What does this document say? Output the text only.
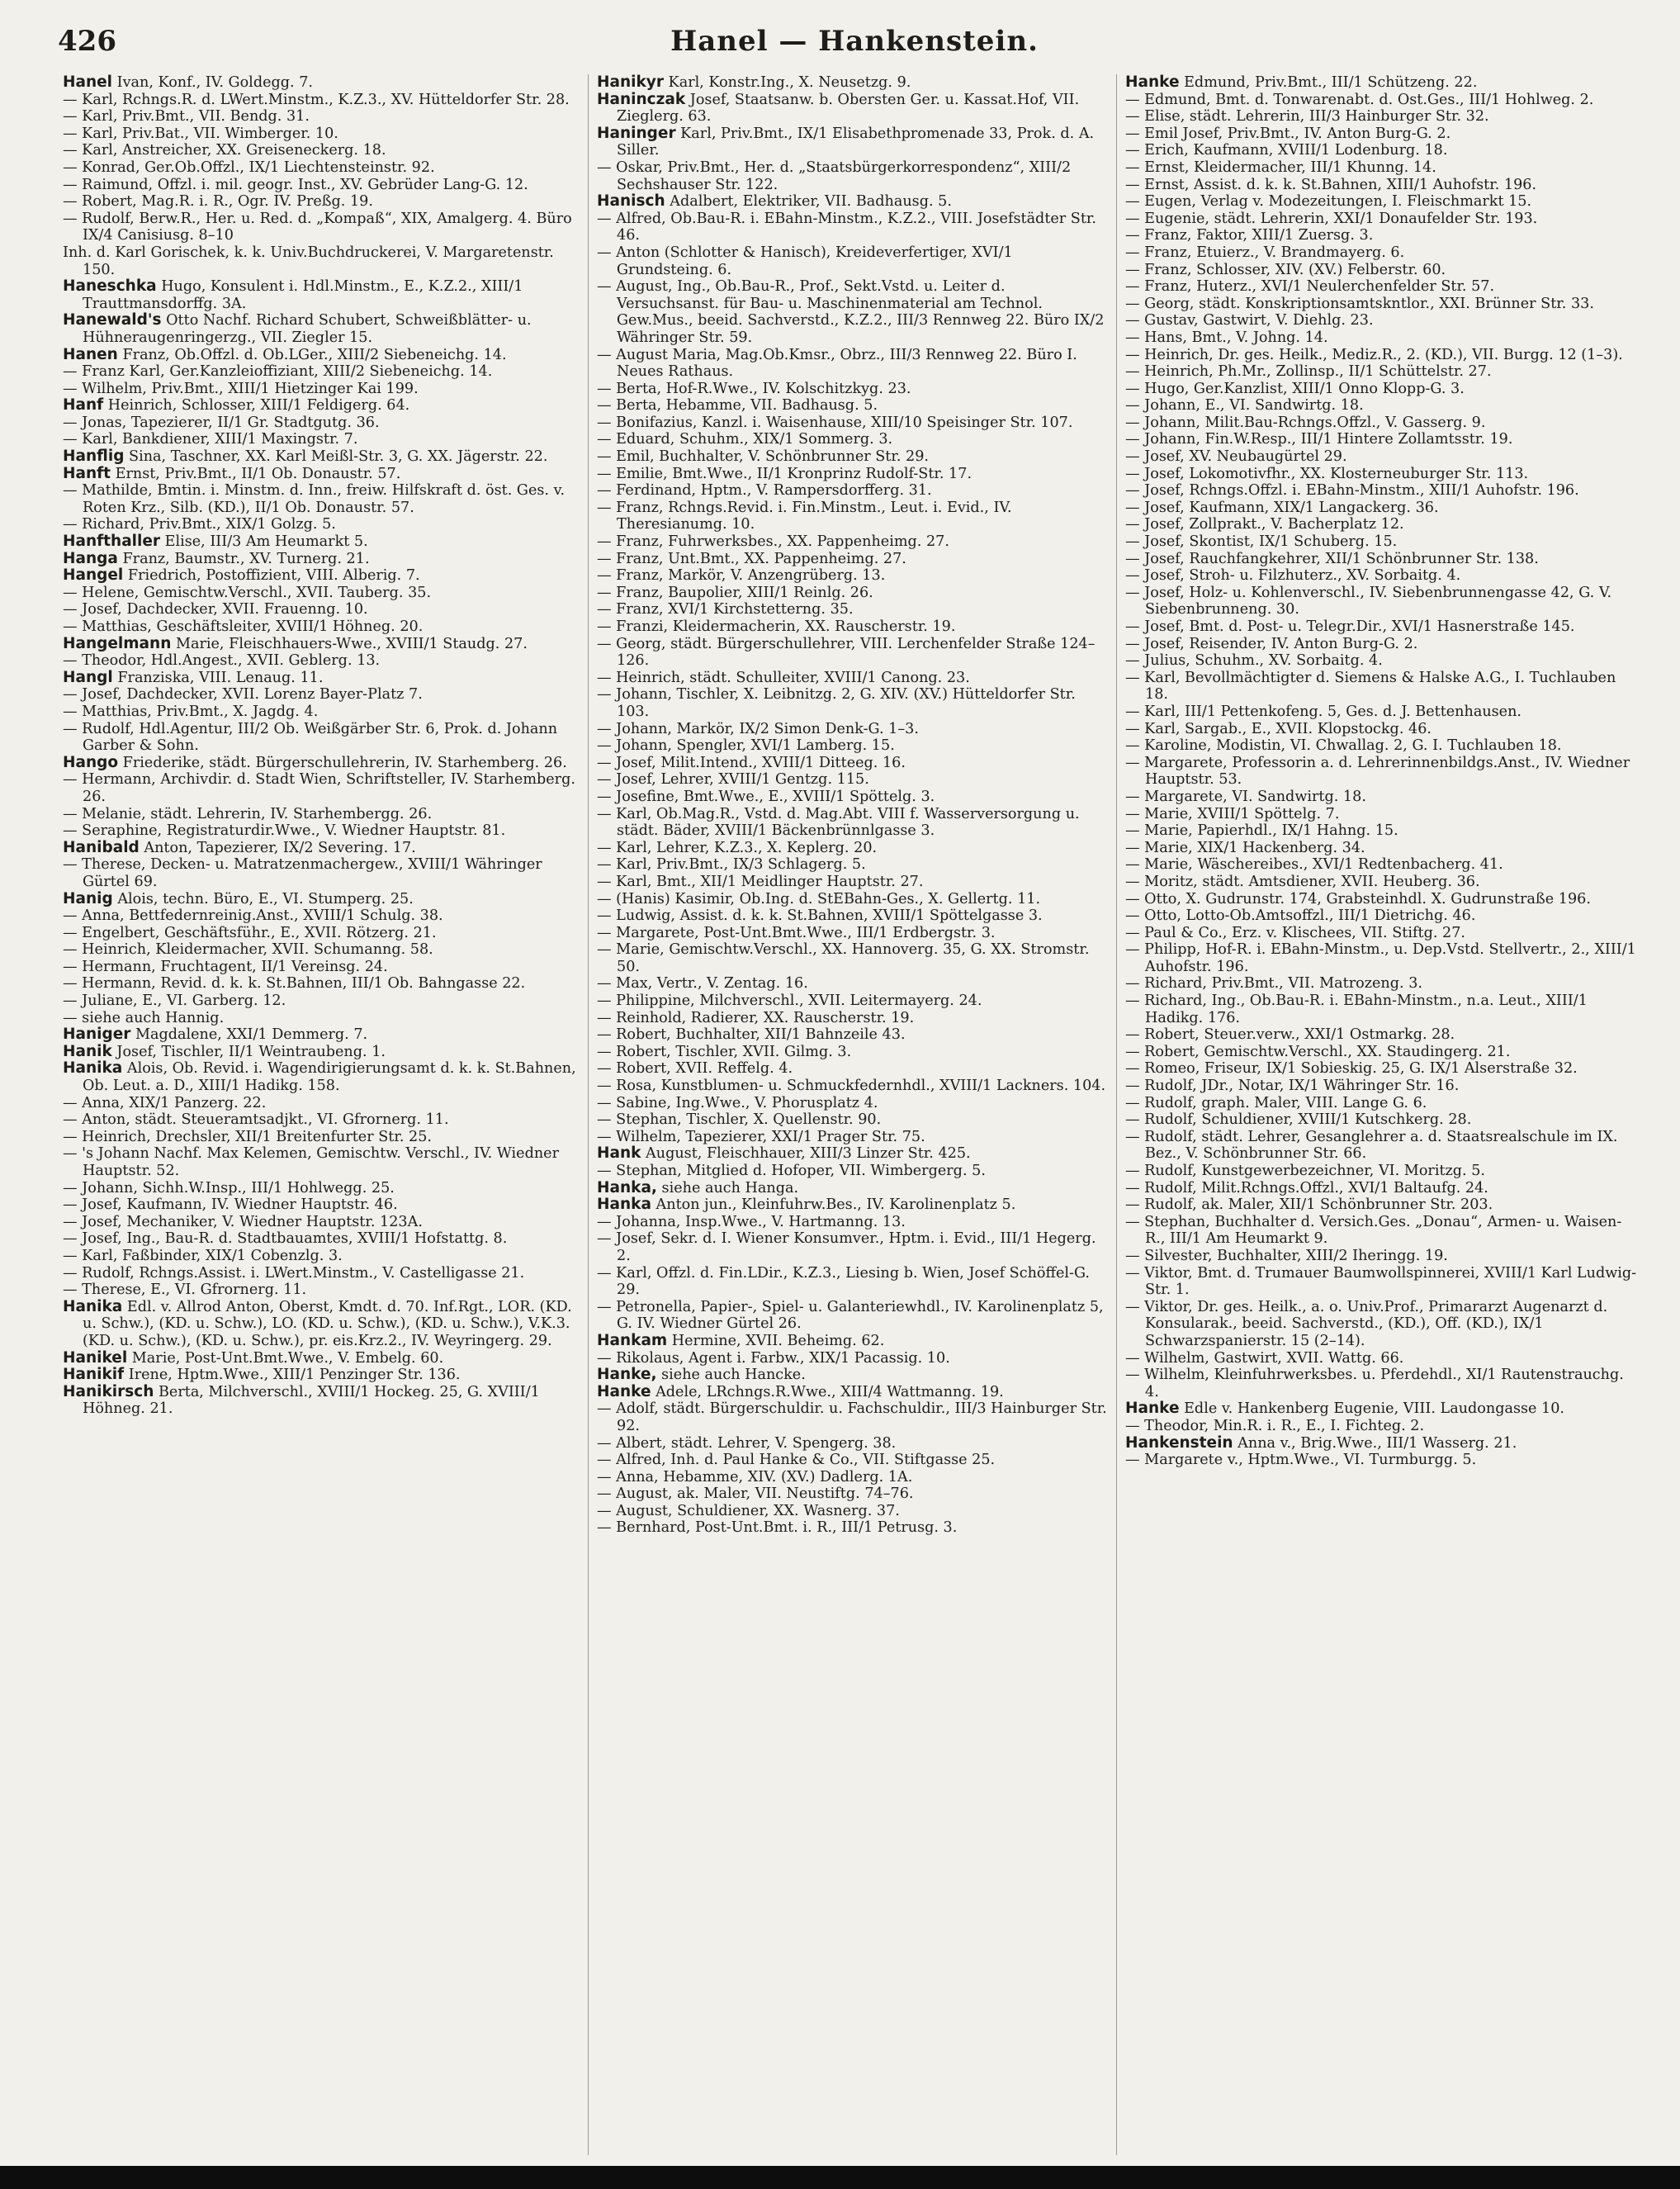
426	Hanel — Hankenstein.

Hanel Ivan, Konf., IV. Goldegg. 7.

— Karl, Rchngs.R. d. LWert.Minstm., K.Z.3., XV. Hütteldorfer Str. 28.

— Karl, Priv.Bmt., VII. Bendg. 31.

— Karl, Priv.Bat., VII. Wimberger. 10.

— Karl, Anstreicher, XX. Greiseneckerg. 18.

— Konrad, Ger.Ob.Offzl., IX/1 Liechtensteinstr. 92.

— Raimund, Offzl. i. mil. geogr. Inst., XV. Gebrüder Lang-G. 12.

— Robert, Mag.R. i. R., Ogr. IV. Preßg. 19.

— Rudolf, Berw.R., Her. u. Red. d. „Kompaß“, XIX, Amalgerg. 4. Büro IX/4 Canisiusg. 8–10

Inh. d. Karl Gorischek, k. k. Univ.Buchdruckerei, V. Margaretenstr. 150.

Haneschka Hugo, Konsulent i. Hdl.Minstm., E., K.Z.2., XIII/1 Trauttmansdorffg. 3A.

Hanewald's Otto Nachf. Richard Schubert, Schweißblätter- u. Hühneraugenringerzg., VII. Ziegler 15.

Hanen Franz, Ob.Offzl. d. Ob.LGer., XIII/2 Siebeneichg. 14.

— Franz Karl, Ger.Kanzleioffiziant, XIII/2 Siebeneichg. 14.

— Wilhelm, Priv.Bmt., XIII/1 Hietzinger Kai 199.

Hanf Heinrich, Schlosser, XIII/1 Feldigerg. 64.

— Jonas, Tapezierer, II/1 Gr. Stadtgutg. 36.

— Karl, Bankdiener, XIII/1 Maxingstr. 7.

Hanflig Sina, Taschner, XX. Karl Meißl-Str. 3, G. XX. Jägerstr. 22.

Hanft Ernst, Priv.Bmt., II/1 Ob. Donaustr. 57.

— Mathilde, Bmtin. i. Minstm. d. Inn., freiw. Hilfskraft d. öst. Ges. v. Roten Krz., Silb. (KD.), II/1 Ob. Donaustr. 57.

— Richard, Priv.Bmt., XIX/1 Golzg. 5.

Hanfthaller Elise, III/3 Am Heumarkt 5.

Hanga Franz, Baumstr., XV. Turnerg. 21.

Hangel Friedrich, Postoffizient, VIII. Alberig. 7.

— Helene, Gemischtw.Verschl., XVII. Tauberg. 35.

— Josef, Dachdecker, XVII. Frauenng. 10.

— Matthias, Geschäftsleiter, XVIII/1 Höhneg. 20.

Hangelmann Marie, Fleischhauers-Wwe., XVIII/1 Staudg. 27.

— Theodor, Hdl.Angest., XVII. Geblerg. 13.

Hangl Franziska, VIII. Lenaug. 11.

— Josef, Dachdecker, XVII. Lorenz Bayer-Platz 7.

— Matthias, Priv.Bmt., X. Jagdg. 4.

— Rudolf, Hdl.Agentur, III/2 Ob. Weißgärber Str. 6, Prok. d. Johann Garber & Sohn.

Hango Friederike, städt. Bürgerschullehrerin, IV. Starhemberg. 26.

— Hermann, Archivdir. d. Stadt Wien, Schriftsteller, IV. Starhemberg. 26.

— Melanie, städt. Lehrerin, IV. Starhembergg. 26.

— Seraphine, Registraturdir.Wwe., V. Wiedner Hauptstr. 81.

Hanibald Anton, Tapezierer, IX/2 Severing. 17.

— Therese, Decken- u. Matratzenmachergew., XVIII/1 Währinger Gürtel 69.

Hanig Alois, techn. Büro, E., VI. Stumperg. 25.

— Anna, Bettfedernreinig.Anst., XVIII/1 Schulg. 38.

— Engelbert, Geschäftsführ., E., XVII. Rötzerg. 21.

— Heinrich, Kleidermacher, XVII. Schumanng. 58.

— Hermann, Fruchtagent, II/1 Vereinsg. 24.

— Hermann, Revid. d. k. k. St.Bahnen, III/1 Ob. Bahngasse 22.

— Juliane, E., VI. Garberg. 12.

— siehe auch Hannig.

Haniger Magdalene, XXI/1 Demmerg. 7.

Hanik Josef, Tischler, II/1 Weintraubeng. 1.

Hanika Alois, Ob. Revid. i. Wagendirigierungsamt d. k. k. St.Bahnen, Ob. Leut. a. D., XIII/1 Hadikg. 158.

— Anna, XIX/1 Panzerg. 22.

— Anton, städt. Steueramtsadjkt., VI. Gfrornerg. 11.

— Heinrich, Drechsler, XII/1 Breitenfurter Str. 25.

— 's Johann Nachf. Max Kelemen, Gemischtw. Verschl., IV. Wiedner Hauptstr. 52.

— Johann, Sichh.W.Insp., III/1 Hohlwegg. 25.

— Josef, Kaufmann, IV. Wiedner Hauptstr. 46.

— Josef, Mechaniker, V. Wiedner Hauptstr. 123A.

— Josef, Ing., Bau-R. d. Stadtbauamtes, XVIII/1 Hofstattg. 8.

— Karl, Faßbinder, XIX/1 Cobenzlg. 3.

— Rudolf, Rchngs.Assist. i. LWert.Minstm., V. Castelligasse 21.

— Therese, E., VI. Gfrornerg. 11.

Hanika Edl. v. Allrod Anton, Oberst, Kmdt. d. 70. Inf.Rgt., LOR. (KD. u. Schw.), (KD. u. Schw.), LO. (KD. u. Schw.), (KD. u. Schw.), V.K.3. (KD. u. Schw.), (KD. u. Schw.), pr. eis.Krz.2., IV. Weyringerg. 29.

Hanikel Marie, Post-Unt.Bmt.Wwe., V. Embelg. 60.

Hanikif Irene, Hptm.Wwe., XIII/1 Penzinger Str. 136.

Hanikirsch Berta, Milchverschl., XVIII/1 Hockeg. 25, G. XVIII/1 Höhneg. 21.

Hanikyr Karl, Konstr.Ing., X. Neusetzg. 9.

Haninczak Josef, Staatsanw. b. Obersten Ger. u. Kassat.Hof, VII. Zieglerg. 63.

Haninger Karl, Priv.Bmt., IX/1 Elisabethpromenade 33, Prok. d. A. Siller.

— Oskar, Priv.Bmt., Her. d. „Staatsbürgerkorrespondenz“, XIII/2 Sechshauser Str. 122.

Hanisch Adalbert, Elektriker, VII. Badhausg. 5.

— Alfred, Ob.Bau-R. i. EBahn-Minstm., K.Z.2., VIII. Josefstädter Str. 46.

— Anton (Schlotter & Hanisch), Kreideverfertiger, XVI/1 Grundsteing. 6.

— August, Ing., Ob.Bau-R., Prof., Sekt.Vstd. u. Leiter d. Versuchsanst. für Bau- u. Maschinenmaterial am Technol. Gew.Mus., beeid. Sachverstd., K.Z.2., III/3 Rennweg 22. Büro IX/2 Währinger Str. 59.

— August Maria, Mag.Ob.Kmsr., Obrz., III/3 Rennweg 22. Büro I. Neues Rathaus.

— Berta, Hof-R.Wwe., IV. Kolschitzkyg. 23.

— Berta, Hebamme, VII. Badhausg. 5.

— Bonifazius, Kanzl. i. Waisenhause, XIII/10 Speisinger Str. 107.

— Eduard, Schuhm., XIX/1 Sommerg. 3.

— Emil, Buchhalter, V. Schönbrunner Str. 29.

— Emilie, Bmt.Wwe., II/1 Kronprinz Rudolf-Str. 17.

— Ferdinand, Hptm., V. Rampersdorfferg. 31.

— Franz, Rchngs.Revid. i. Fin.Minstm., Leut. i. Evid., IV. Theresianumg. 10.

— Franz, Fuhrwerksbes., XX. Pappenheimg. 27.

— Franz, Unt.Bmt., XX. Pappenheimg. 27.

— Franz, Markör, V. Anzengrüberg. 13.

— Franz, Baupolier, XIII/1 Reinlg. 26.

— Franz, XVI/1 Kirchstetterng. 35.

— Franzi, Kleidermacherin, XX. Rauscherstr. 19.

— Georg, städt. Bürgerschullehrer, VIII. Lerchenfelder Straße 124–126.

— Heinrich, städt. Schulleiter, XVIII/1 Canong. 23.

— Johann, Tischler, X. Leibnitzg. 2, G. XIV. (XV.) Hütteldorfer Str. 103.

— Johann, Markör, IX/2 Simon Denk-G. 1–3.

— Johann, Spengler, XVI/1 Lamberg. 15.

— Josef, Milit.Intend., XVIII/1 Ditteeg. 16.

— Josef, Lehrer, XVIII/1 Gentzg. 115.

— Josefine, Bmt.Wwe., E., XVIII/1 Spöttelg. 3.

— Karl, Ob.Mag.R., Vstd. d. Mag.Abt. VIII f. Wasserversorgung u. städt. Bäder, XVIII/1 Bäckenbrünnlgasse 3.

— Karl, Lehrer, K.Z.3., X. Keplerg. 20.

— Karl, Priv.Bmt., IX/3 Schlagerg. 5.

— Karl, Bmt., XII/1 Meidlinger Hauptstr. 27.

— (Hanis) Kasimir, Ob.Ing. d. StEBahn-Ges., X. Gellertg. 11.

— Ludwig, Assist. d. k. k. St.Bahnen, XVIII/1 Spöttelgasse 3.

— Margarete, Post-Unt.Bmt.Wwe., III/1 Erdbergstr. 3.

— Marie, Gemischtw.Verschl., XX. Hannoverg. 35, G. XX. Stromstr. 50.

— Max, Vertr., V. Zentag. 16.

— Philippine, Milchverschl., XVII. Leitermayerg. 24.

— Reinhold, Radierer, XX. Rauscherstr. 19.

— Robert, Buchhalter, XII/1 Bahnzeile 43.

— Robert, Tischler, XVII. Gilmg. 3.

— Robert, XVII. Reffelg. 4.

— Rosa, Kunstblumen- u. Schmuckfedernhdl., XVIII/1 Lackners. 104.

— Sabine, Ing.Wwe., V. Phorusplatz 4.

— Stephan, Tischler, X. Quellenstr. 90.

— Wilhelm, Tapezierer, XXI/1 Prager Str. 75.

Hank August, Fleischhauer, XIII/3 Linzer Str. 425.

— Stephan, Mitglied d. Hofoper, VII. Wimbergerg. 5.

Hanka, siehe auch Hanga.

Hanka Anton jun., Kleinfuhrw.Bes., IV. Karolinenplatz 5.

— Johanna, Insp.Wwe., V. Hartmanng. 13.

— Josef, Sekr. d. I. Wiener Konsumver., Hptm. i. Evid., III/1 Hegerg. 2.

— Karl, Offzl. d. Fin.LDir., K.Z.3., Liesing b. Wien, Josef Schöffel-G. 29.

— Petronella, Papier-, Spiel- u. Galanteriewhdl., IV. Karolinenplatz 5, G. IV. Wiedner Gürtel 26.

Hankam Hermine, XVII. Beheimg. 62.

— Rikolaus, Agent i. Farbw., XIX/1 Pacassig. 10.

Hanke, siehe auch Hancke.

Hanke Adele, LRchngs.R.Wwe., XIII/4 Wattmanng. 19.

— Adolf, städt. Bürgerschuldir. u. Fachschuldir., III/3 Hainburger Str. 92.

— Albert, städt. Lehrer, V. Spengerg. 38.

— Alfred, Inh. d. Paul Hanke & Co., VII. Stiftgasse 25.

— Anna, Hebamme, XIV. (XV.) Dadlerg. 1A.

— August, ak. Maler, VII. Neustiftg. 74–76.

— August, Schuldiener, XX. Wasnerg. 37.

— Bernhard, Post-Unt.Bmt. i. R., III/1 Petrusg. 3.

Hanke Edmund, Priv.Bmt., III/1 Schützeng. 22.

— Edmund, Bmt. d. Tonwarenabt. d. Ost.Ges., III/1 Hohlweg. 2.

— Elise, städt. Lehrerin, III/3 Hainburger Str. 32.

— Emil Josef, Priv.Bmt., IV. Anton Burg-G. 2.

— Erich, Kaufmann, XVIII/1 Lodenburg. 18.

— Ernst, Kleidermacher, III/1 Khunng. 14.

— Ernst, Assist. d. k. k. St.Bahnen, XIII/1 Auhofstr. 196.

— Eugen, Verlag v. Modezeitungen, I. Fleischmarkt 15.

— Eugenie, städt. Lehrerin, XXI/1 Donaufelder Str. 193.

— Franz, Faktor, XIII/1 Zuersg. 3.

— Franz, Etuierz., V. Brandmayerg. 6.

— Franz, Schlosser, XIV. (XV.) Felberstr. 60.

— Franz, Huterz., XVI/1 Neulerchenfelder Str. 57.

— Georg, städt. Konskriptionsamtskntlor., XXI. Brünner Str. 33.

— Gustav, Gastwirt, V. Diehlg. 23.

— Hans, Bmt., V. Johng. 14.

— Heinrich, Dr. ges. Heilk., Mediz.R., 2. (KD.), VII. Burgg. 12 (1–3).

— Heinrich, Ph.Mr., Zollinsp., II/1 Schüttelstr. 27.

— Hugo, Ger.Kanzlist, XIII/1 Onno Klopp-G. 3.

— Johann, E., VI. Sandwirtg. 18.

— Johann, Milit.Bau-Rchngs.Offzl., V. Gasserg. 9.

— Johann, Fin.W.Resp., III/1 Hintere Zollamtsstr. 19.

— Josef, XV. Neubaugürtel 29.

— Josef, Lokomotivfhr., XX. Klosterneuburger Str. 113.

— Josef, Rchngs.Offzl. i. EBahn-Minstm., XIII/1 Auhofstr. 196.

— Josef, Kaufmann, XIX/1 Langackerg. 36.

— Josef, Zollprakt., V. Bacherplatz 12.

— Josef, Skontist, IX/1 Schuberg. 15.

— Josef, Rauchfangkehrer, XII/1 Schönbrunner Str. 138.

— Josef, Stroh- u. Filzhuterz., XV. Sorbaitg. 4.

— Josef, Holz- u. Kohlenverschl., IV. Siebenbrunnengasse 42, G. V. Siebenbrunneng. 30.

— Josef, Bmt. d. Post- u. Telegr.Dir., XVI/1 Hasnerstraße 145.

— Josef, Reisender, IV. Anton Burg-G. 2.

— Julius, Schuhm., XV. Sorbaitg. 4.

— Karl, Bevollmächtigter d. Siemens & Halske A.G., I. Tuchlauben 18.

— Karl, III/1 Pettenkofeng. 5, Ges. d. J. Bettenhausen.

— Karl, Sargab., E., XVII. Klopstockg. 46.

— Karoline, Modistin, VI. Chwallag. 2, G. I. Tuchlauben 18.

— Margarete, Professorin a. d. Lehrerinnenbildgs.Anst., IV. Wiedner Hauptstr. 53.

— Margarete, VI. Sandwirtg. 18.

— Marie, XVIII/1 Spöttelg. 7.

— Marie, Papierhdl., IX/1 Hahng. 15.

— Marie, XIX/1 Hackenberg. 34.

— Marie, Wäschereibes., XVI/1 Redtenbacherg. 41.

— Moritz, städt. Amtsdiener, XVII. Heuberg. 36.

— Otto, X. Gudrunstr. 174, Grabsteinhdl. X. Gudrunstraße 196.

— Otto, Lotto-Ob.Amtsoffzl., III/1 Dietrichg. 46.

— Paul & Co., Erz. v. Klischees, VII. Stiftg. 27.

— Philipp, Hof-R. i. EBahn-Minstm., u. Dep.Vstd. Stellvertr., 2., XIII/1 Auhofstr. 196.

— Richard, Priv.Bmt., VII. Matrozeng. 3.

— Richard, Ing., Ob.Bau-R. i. EBahn-Minstm., n.a. Leut., XIII/1 Hadikg. 176.

— Robert, Steuer.verw., XXI/1 Ostmarkg. 28.

— Robert, Gemischtw.Verschl., XX. Staudingerg. 21.

— Romeo, Friseur, IX/1 Sobieskig. 25, G. IX/1 Alserstraße 32.

— Rudolf, JDr., Notar, IX/1 Währinger Str. 16.

— Rudolf, graph. Maler, VIII. Lange G. 6.

— Rudolf, Schuldiener, XVIII/1 Kutschkerg. 28.

— Rudolf, städt. Lehrer, Gesanglehrer a. d. Staatsrealschule im IX. Bez., V. Schönbrunner Str. 66.

— Rudolf, Kunstgewerbezeichner, VI. Moritzg. 5.

— Rudolf, Milit.Rchngs.Offzl., XVI/1 Baltaufg. 24.

— Rudolf, ak. Maler, XII/1 Schönbrunner Str. 203.

— Stephan, Buchhalter d. Versich.Ges. „Donau“, Armen- u. Waisen-R., III/1 Am Heumarkt 9.

— Silvester, Buchhalter, XIII/2 Iheringg. 19.

— Viktor, Bmt. d. Trumauer Baumwollspinnerei, XVIII/1 Karl Ludwig-Str. 1.

— Viktor, Dr. ges. Heilk., a. o. Univ.Prof., Primararzt Augenarzt d. Konsularak., beeid. Sachverstd., (KD.), Off. (KD.), IX/1 Schwarzspanierstr. 15 (2–14).

— Wilhelm, Gastwirt, XVII. Wattg. 66.

— Wilhelm, Kleinfuhrwerksbes. u. Pferdehdl., XI/1 Rautenstrauchg. 4.

Hanke Edle v. Hankenberg Eugenie, VIII. Laudongasse 10.

— Theodor, Min.R. i. R., E., I. Fichteg. 2.

Hankenstein Anna v., Brig.Wwe., III/1 Wasserg. 21.

— Margarete v., Hptm.Wwe., VI. Turmburgg. 5.
